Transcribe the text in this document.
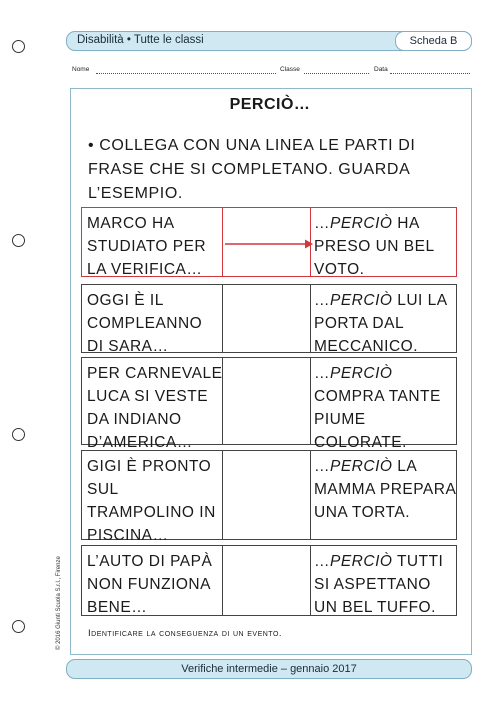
Disabilità • Tutte le classi	Scheda B
Nome	Classe	Data
PERCIÒ…
• COLLEGA CON UNA LINEA LE PARTI DI FRASE CHE SI COMPLETANO. GUARDA L’ESEMPIO.
MARCO HA STUDIATO PER LA VERIFICA…
…PERCIÒ HA PRESO UN BEL VOTO.
OGGI È IL COMPLEANNO DI SARA…
…PERCIÒ LUI LA PORTA DAL MECCANICO.
PER CARNEVALE LUCA SI VESTE DA INDIANO D’AMERICA…
…PERCIÒ COMPRA TANTE PIUME COLORATE.
GIGI È PRONTO SUL TRAMPOLINO IN PISCINA…
…PERCIÒ LA MAMMA PREPARA UNA TORTA.
L’AUTO DI PAPÀ NON FUNZIONA BENE…
…PERCIÒ TUTTI SI ASPETTANO UN BEL TUFFO.
Identificare la conseguenza di un evento.
Verifiche intermedie – gennaio 2017
© 2016 Giunti Scuola S.r.l., Firenze
